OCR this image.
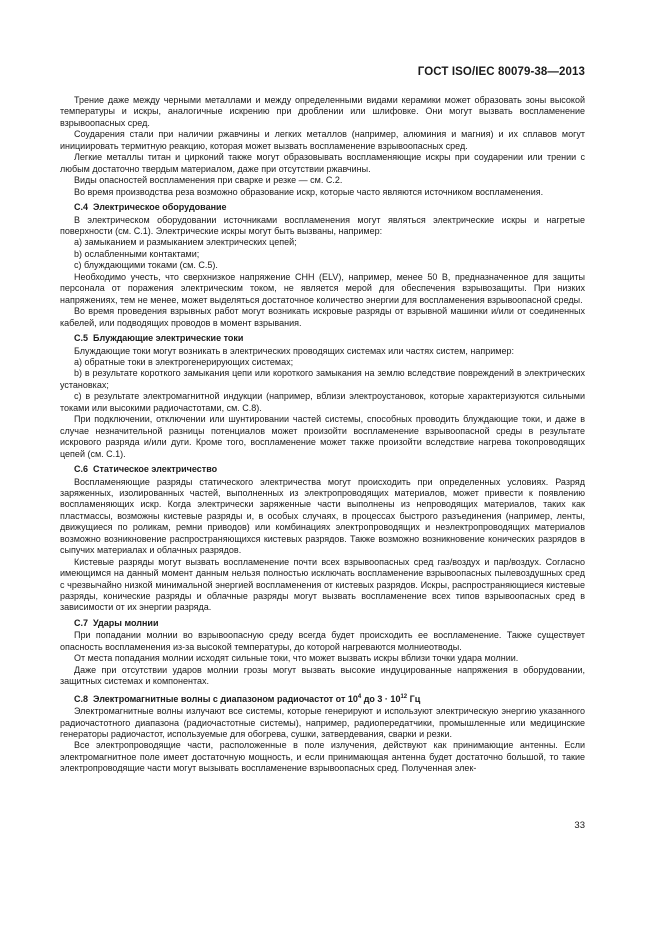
ГОСТ ISO/IEC 80079-38—2013

Трение даже между черными металлами и между определенными видами керамики может образовать зоны высокой температуры и искры, аналогичные искрению при дроблении или шлифовке. Они могут вызвать воспламенение взрывоопасных сред.

Соударения стали при наличии ржавчины и легких металлов (например, алюминия и магния) и их сплавов могут инициировать термитную реакцию, которая может вызвать воспламенение взрывоопасных сред.

Легкие металлы титан и цирконий также могут образовывать воспламеняющие искры при соударении или трении с любым достаточно твердым материалом, даже при отсутствии ржавчины.

Виды опасностей воспламенения при сварке и резке — см. С.2.

Во время производства реза возможно образование искр, которые часто являются источником воспламенения.

С.4 Электрическое оборудование

В электрическом оборудовании источниками воспламенения могут являться электрические искры и нагретые поверхности (см. С.1). Электрические искры могут быть вызваны, например:

a) замыканием и размыканием электрических цепей;

b) ослабленными контактами;

c) блуждающими токами (см. С.5).

Необходимо учесть, что сверхнизкое напряжение СНН (ELV), например, менее 50 В, предназначенное для защиты персонала от поражения электрическим током, не является мерой для обеспечения взрывозащиты. При низких напряжениях, тем не менее, может выделяться достаточное количество энергии для воспламенения взрывоопасной среды.

Во время проведения взрывных работ могут возникать искровые разряды от взрывной машинки и/или от соединенных кабелей, или подводящих проводов в момент взрывания.

С.5 Блуждающие электрические токи

Блуждающие токи могут возникать в электрических проводящих системах или частях систем, например:

a) обратные токи в электрогенерирующих системах;

b) в результате короткого замыкания цепи или короткого замыкания на землю вследствие повреждений в электрических установках;

c) в результате электромагнитной индукции (например, вблизи электроустановок, которые характеризуются сильными токами или высокими радиочастотами, см. С.8).

При подключении, отключении или шунтировании частей системы, способных проводить блуждающие токи, и даже в случае незначительной разницы потенциалов может произойти воспламенение взрывоопасной среды в результате искрового разряда и/или дуги. Кроме того, воспламенение может также произойти вследствие нагрева токопроводящих цепей (см. С.1).

С.6 Статическое электричество

Воспламеняющие разряды статического электричества могут происходить при определенных условиях. Разряд заряженных, изолированных частей, выполненных из электропроводящих материалов, может привести к появлению воспламеняющих искр. Когда электрически заряженные части выполнены из непроводящих материалов, таких как пластмассы, возможны кистевые разряды и, в особых случаях, в процессах быстрого разъединения (например, ленты, движущиеся по роликам, ремни приводов) или комбинациях электропроводящих и неэлектропроводящих материалов возможно возникновение распространяющихся кистевых разрядов. Также возможно возникновение конических разрядов в сыпучих материалах и облачных разрядов.

Кистевые разряды могут вызвать воспламенение почти всех взрывоопасных сред газ/воздух и пар/воздух. Согласно имеющимся на данный момент данным нельзя полностью исключать воспламенение взрывоопасных пылевоздушных сред с чрезвычайно низкой минимальной энергией воспламенения от кистевых разрядов. Искры, распространяющиеся кистевые разряды, конические разряды и облачные разряды могут вызвать воспламенение всех типов взрывоопасных сред в зависимости от их энергии разряда.

С.7 Удары молнии

При попадании молнии во взрывоопасную среду всегда будет происходить ее воспламенение. Также существует опасность воспламенения из-за высокой температуры, до которой нагреваются молниеотводы.

От места попадания молнии исходят сильные токи, что может вызвать искры вблизи точки удара молнии.

Даже при отсутствии ударов молнии грозы могут вызвать высокие индуцированные напряжения в оборудовании, защитных системах и компонентах.

С.8 Электромагнитные волны с диапазоном радиочастот от $10^4$ до $3 \cdot 10^{12}$ Гц

Электромагнитные волны излучают все системы, которые генерируют и используют электрическую энергию указанного радиочастотного диапазона (радиочастотные системы), например, радиопередатчики, промышленные или медицинские генераторы радиочастот, используемые для обогрева, сушки, затвердевания, сварки и резки.

Все электропроводящие части, расположенные в поле излучения, действуют как принимающие антенны. Если электромагнитное поле имеет достаточную мощность, и если принимающая антенна будет достаточно большой, то такие электропроводящие части могут вызывать воспламенение взрывоопасных сред. Полученная элек-

33
